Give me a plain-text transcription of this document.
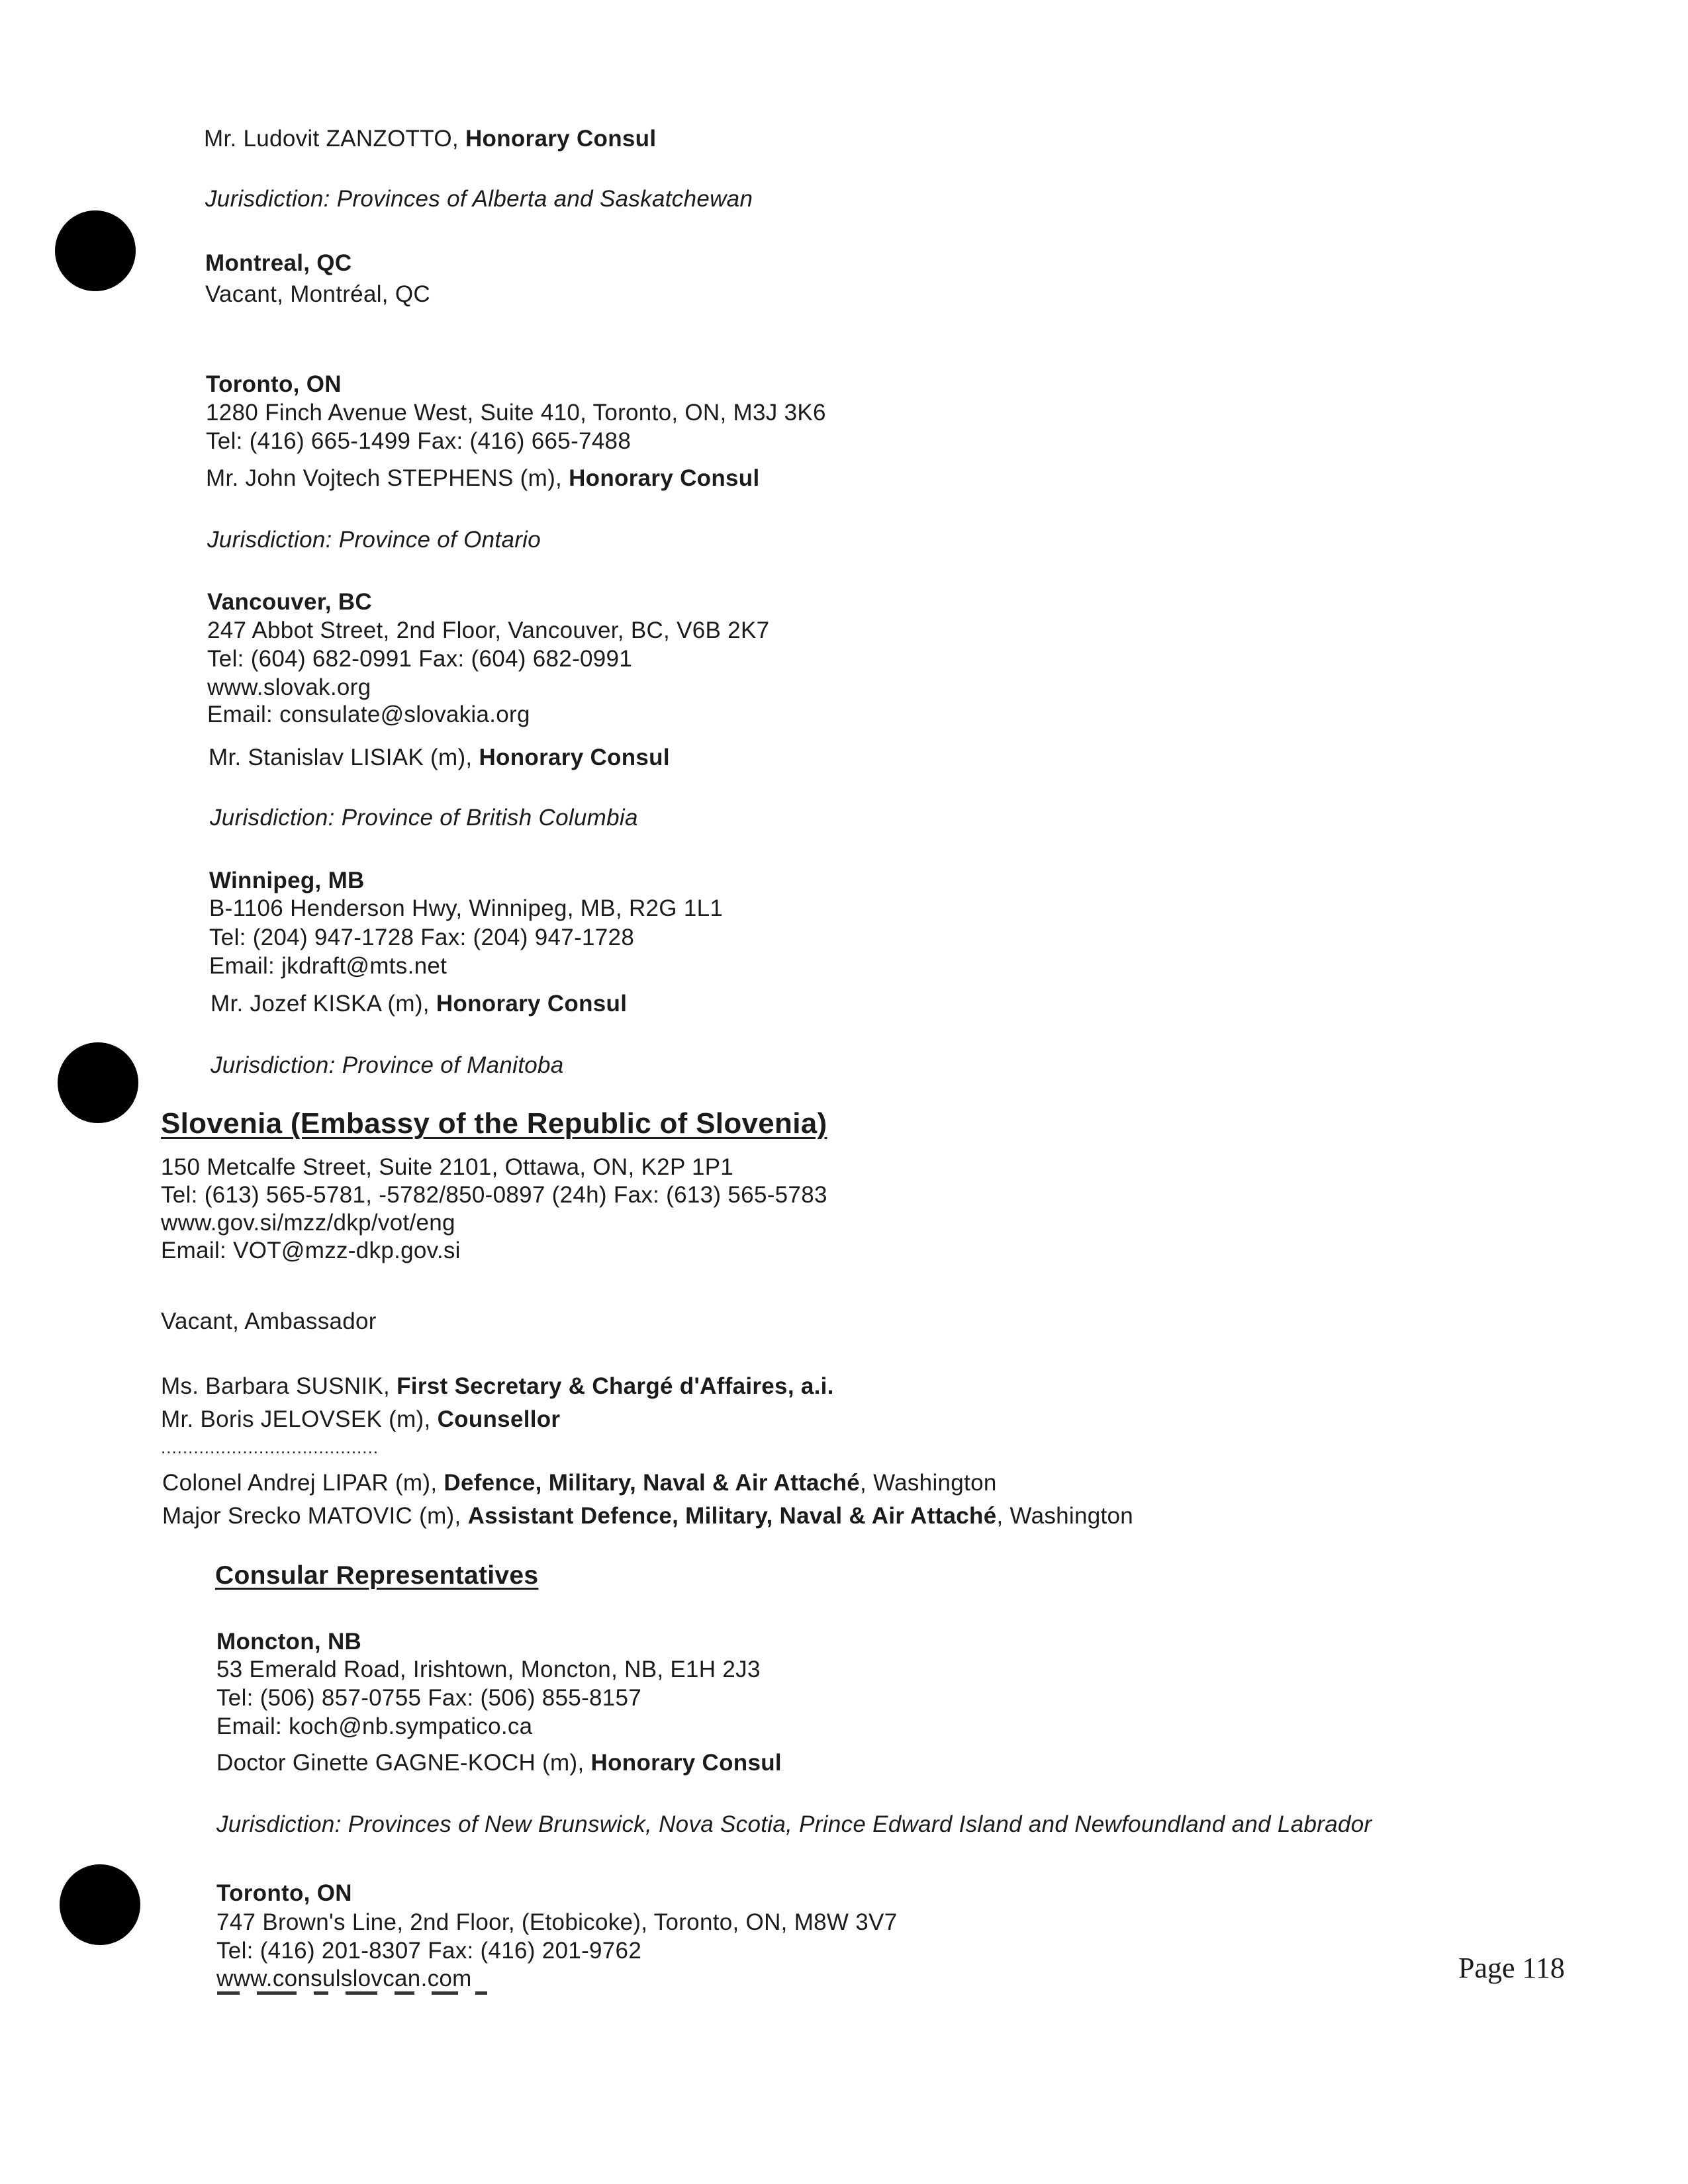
Mr. Ludovit ZANZOTTO, Honorary Consul
Jurisdiction: Provinces of Alberta and Saskatchewan
Montreal, QC
Vacant, Montréal, QC
Toronto, ON
1280 Finch Avenue West, Suite 410, Toronto, ON, M3J 3K6
Tel: (416) 665-1499 Fax: (416) 665-7488
Mr. John Vojtech STEPHENS (m), Honorary Consul
Jurisdiction: Province of Ontario
Vancouver, BC
247 Abbot Street, 2nd Floor, Vancouver, BC, V6B 2K7
Tel: (604) 682-0991 Fax: (604) 682-0991
www.slovak.org
Email: consulate@slovakia.org
Mr. Stanislav LISIAK (m), Honorary Consul
Jurisdiction: Province of British Columbia
Winnipeg, MB
B-1106 Henderson Hwy, Winnipeg, MB, R2G 1L1
Tel: (204) 947-1728 Fax: (204) 947-1728
Email: jkdraft@mts.net
Mr. Jozef KISKA (m), Honorary Consul
Jurisdiction: Province of Manitoba
Slovenia (Embassy of the Republic of Slovenia)
150 Metcalfe Street, Suite 2101, Ottawa, ON, K2P 1P1
Tel: (613) 565-5781, -5782/850-0897 (24h) Fax: (613) 565-5783
www.gov.si/mzz/dkp/vot/eng
Email: VOT@mzz-dkp.gov.si
Vacant, Ambassador
Ms. Barbara SUSNIK, First Secretary & Chargé d'Affaires, a.i.
Mr. Boris JELOVSEK (m), Counsellor
........................................
Colonel Andrej LIPAR (m), Defence, Military, Naval & Air Attaché, Washington
Major Srecko MATOVIC (m), Assistant Defence, Military, Naval & Air Attaché, Washington
Consular Representatives
Moncton, NB
53 Emerald Road, Irishtown, Moncton, NB, E1H 2J3
Tel: (506) 857-0755 Fax: (506) 855-8157
Email: koch@nb.sympatico.ca
Doctor Ginette GAGNE-KOCH (m), Honorary Consul
Jurisdiction: Provinces of New Brunswick, Nova Scotia, Prince Edward Island and Newfoundland and Labrador
Toronto, ON
747 Brown's Line, 2nd Floor, (Etobicoke), Toronto, ON, M8W 3V7
Tel: (416) 201-8307 Fax: (416) 201-9762
www.consulslovcan.com	Page 118
